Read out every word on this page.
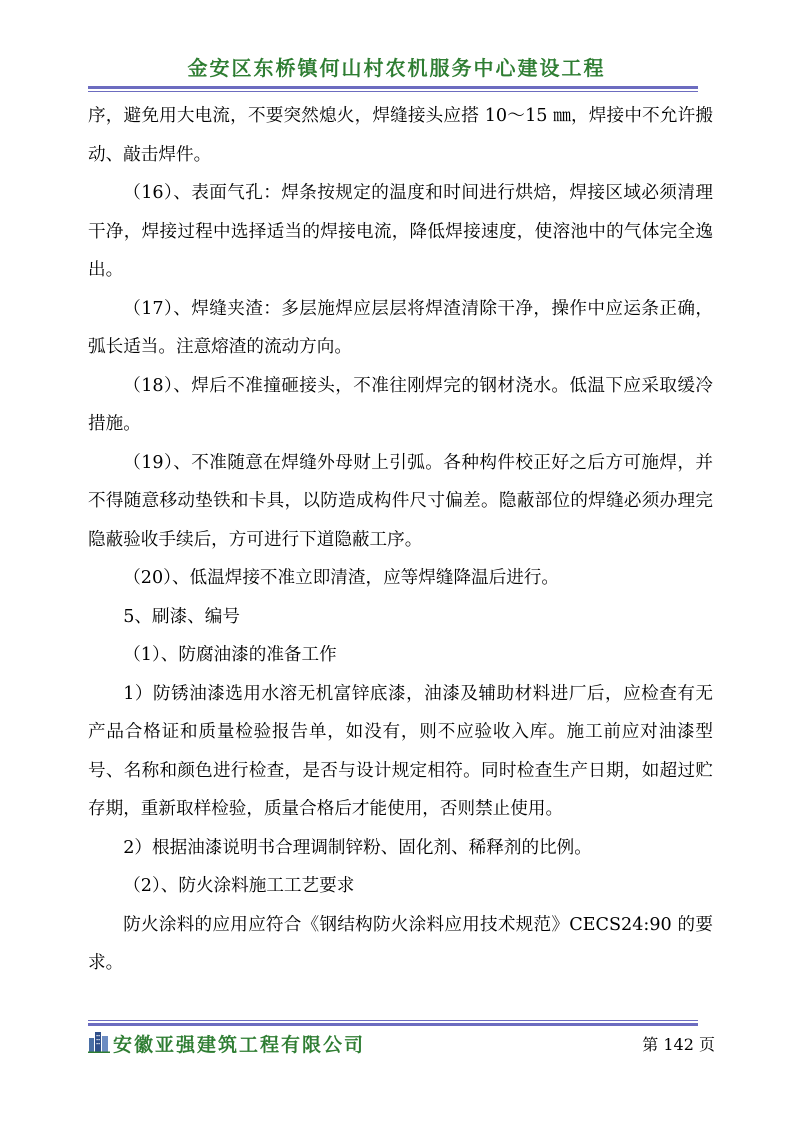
金安区东桥镇何山村农机服务中心建设工程

序，避免用大电流，不要突然熄火，焊缝接头应搭 10～15 ㎜，焊接中不允许搬动、敲击焊件。

（16）、表面气孔：焊条按规定的温度和时间进行烘焙，焊接区域必须清理干净，焊接过程中选择适当的焊接电流，降低焊接速度，使溶池中的气体完全逸出。

（17）、焊缝夹渣：多层施焊应层层将焊渣清除干净，操作中应运条正确，弧长适当。注意熔渣的流动方向。

（18）、焊后不准撞砸接头，不准往刚焊完的钢材浇水。低温下应采取缓冷措施。

（19）、不准随意在焊缝外母财上引弧。各种构件校正好之后方可施焊，并不得随意移动垫铁和卡具，以防造成构件尺寸偏差。隐蔽部位的焊缝必须办理完隐蔽验收手续后，方可进行下道隐蔽工序。

（20）、低温焊接不准立即清渣，应等焊缝降温后进行。

5、刷漆、编号

（1）、防腐油漆的准备工作

1）防锈油漆选用水溶无机富锌底漆，油漆及辅助材料进厂后，应检查有无产品合格证和质量检验报告单，如没有，则不应验收入库。施工前应对油漆型号、名称和颜色进行检查，是否与设计规定相符。同时检查生产日期，如超过贮存期，重新取样检验，质量合格后才能使用，否则禁止使用。

2）根据油漆说明书合理调制锌粉、固化剂、稀释剂的比例。

（2）、防火涂料施工工艺要求

防火涂料的应用应符合《钢结构防火涂料应用技术规范》CECS24:90 的要求。

安徽亚强建筑工程有限公司	第 142 页
